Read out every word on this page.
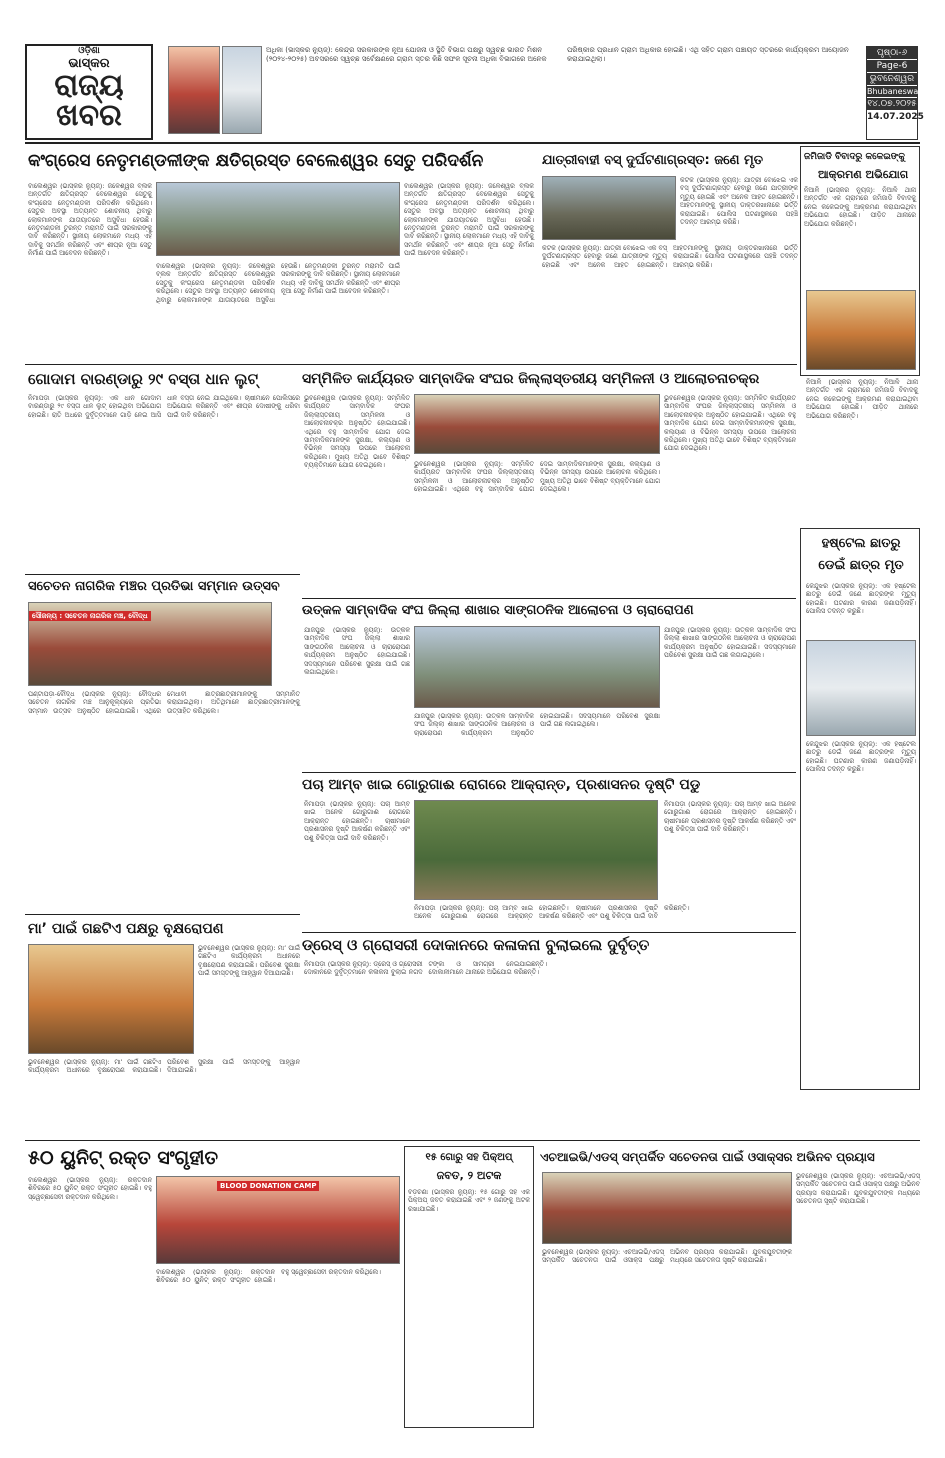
ଓଡ଼ିଶା
ଭାସ୍କର
ରାଜ୍ୟ
ଖବର
ଅଧିକା (ଭାସ୍କର ନ୍ୟୁଜ୍): କେନ୍ଦ୍ର ସରକାରଙ୍କ ନୂଆ ଯୋଜନା ଓ ସ୍ଥିତି ବିଭାଗ ପକ୍ଷରୁ ସ୍ୱଚ୍ଛ ଭାରତ ମିଶନ (୨୦୨୪-୨୦୨୫) ଅବସରରେ ସ୍ୱଚ୍ଛ ସର୍ବେକ୍ଷଣରେ ଗ୍ରାମ ସ୍ତର କିଛି ସଫଳ ସୂଚନା ଅଧିକା ବିଭାଗରେ ଅନେକ ପରିଷ୍କାର ପ୍ରଧାନ ଗ୍ରାମ ଅଧିକାର ହୋଇଛି। ଏଥି ସହିତ ଗ୍ରାମ ପଞ୍ଚାୟତ ସ୍ତରରେ କାର୍ଯ୍ୟକ୍ରମ ଆୟୋଜନ କରାଯାଇଥିଲା।
ପୃଷ୍ଠା-୬
Page-6
ଭୁବନେଶ୍ୱର
Bhubaneswar
୧୪.୦୭.୨୦୨୫
14.07.2025
କଂଗ୍ରେସ ନେତୃମଣ୍ଡଳୀଙ୍କ କ୍ଷତିଗ୍ରସ୍ତ ବେଲେଶ୍ୱର ସେତୁ ପରିଦର୍ଶନ	ଯାତ୍ରୀବାହୀ ବସ୍ ଦୁର୍ଘଟଣାଗ୍ରସ୍ତ: ଜଣେ ମୃତ	ଜମିଜାଡି ବିବାଦରୁ କକେଇଙ୍କୁ
ଆକ୍ରମଣ ଅଭିଯୋଗ
ବାଲେଶ୍ୱର (ଭାସ୍କର ନ୍ୟୁଜ୍): ଜଳେଶ୍ୱର ବ୍ଲକ ଅନ୍ତର୍ଗତ କ୍ଷତିଗ୍ରସ୍ତ ବେଲେଶ୍ୱର ସେତୁକୁ କଂଗ୍ରେସ ନେତୃମଣ୍ଡଳୀ ପରିଦର୍ଶନ କରିଥିଲେ। ସେତୁର ଅବସ୍ଥା ଅତ୍ୟନ୍ତ ଶୋଚନୀୟ ଥିବାରୁ ଲୋକମାନଙ୍କ ଯାତାୟାତରେ ଅସୁବିଧା ହେଉଛି। ନେତୃମଣ୍ଡଳୀ ତୁରନ୍ତ ମରାମତି ପାଇଁ ସରକାରଙ୍କୁ ଦାବି କରିଛନ୍ତି। ସ୍ଥାନୀୟ ଲୋକମାନେ ମଧ୍ୟ ଏହି ଦାବିକୁ ସମର୍ଥନ କରିଛନ୍ତି ଏବଂ ଶୀଘ୍ର ନୂଆ ସେତୁ ନିର୍ମାଣ ପାଇଁ ଆବେଦନ କରିଛନ୍ତି।
ବାଲେଶ୍ୱର (ଭାସ୍କର ନ୍ୟୁଜ୍): ଜଳେଶ୍ୱର ବ୍ଲକ ଅନ୍ତର୍ଗତ କ୍ଷତିଗ୍ରସ୍ତ ବେଲେଶ୍ୱର ସେତୁକୁ କଂଗ୍ରେସ ନେତୃମଣ୍ଡଳୀ ପରିଦର୍ଶନ କରିଥିଲେ। ସେତୁର ଅବସ୍ଥା ଅତ୍ୟନ୍ତ ଶୋଚନୀୟ ଥିବାରୁ ଲୋକମାନଙ୍କ ଯାତାୟାତରେ ଅସୁବିଧା ହେଉଛି। ନେତୃମଣ୍ଡଳୀ ତୁରନ୍ତ ମରାମତି ପାଇଁ ସରକାରଙ୍କୁ ଦାବି କରିଛନ୍ତି। ସ୍ଥାନୀୟ ଲୋକମାନେ ମଧ୍ୟ ଏହି ଦାବିକୁ ସମର୍ଥନ କରିଛନ୍ତି ଏବଂ ଶୀଘ୍ର ନୂଆ ସେତୁ ନିର୍ମାଣ ପାଇଁ ଆବେଦନ କରିଛନ୍ତି।
ବାଲେଶ୍ୱର (ଭାସ୍କର ନ୍ୟୁଜ୍): ଜଳେଶ୍ୱର ବ୍ଲକ ଅନ୍ତର୍ଗତ କ୍ଷତିଗ୍ରସ୍ତ ବେଲେଶ୍ୱର ସେତୁକୁ କଂଗ୍ରେସ ନେତୃମଣ୍ଡଳୀ ପରିଦର୍ଶନ କରିଥିଲେ। ସେତୁର ଅବସ୍ଥା ଅତ୍ୟନ୍ତ ଶୋଚନୀୟ ଥିବାରୁ ଲୋକମାନଙ୍କ ଯାତାୟାତରେ ଅସୁବିଧା ହେଉଛି। ନେତୃମଣ୍ଡଳୀ ତୁରନ୍ତ ମରାମତି ପାଇଁ ସରକାରଙ୍କୁ ଦାବି କରିଛନ୍ତି। ସ୍ଥାନୀୟ ଲୋକମାନେ ମଧ୍ୟ ଏହି ଦାବିକୁ ସମର୍ଥନ କରିଛନ୍ତି ଏବଂ ଶୀଘ୍ର ନୂଆ ସେତୁ ନିର୍ମାଣ ପାଇଁ ଆବେଦନ କରିଛନ୍ତି।
କଟକ (ଭାସ୍କର ନ୍ୟୁଜ୍): ଯାତ୍ରୀ ବୋଝେଇ ଏକ ବସ୍ ଦୁର୍ଘଟଣାଗ୍ରସ୍ତ ହେବାରୁ ଜଣେ ଯାତ୍ରୀଙ୍କ ମୃତ୍ୟୁ ହୋଇଛି ଏବଂ ଅନେକ ଆହତ ହୋଇଛନ୍ତି। ଆହତମାନଙ୍କୁ ସ୍ଥାନୀୟ ଡାକ୍ତରଖାନାରେ ଭର୍ତ୍ତି କରାଯାଇଛି। ପୋଲିସ ଘଟଣାସ୍ଥଳରେ ପହଞ୍ଚି ତଦନ୍ତ ଆରମ୍ଭ କରିଛି।
କଟକ (ଭାସ୍କର ନ୍ୟୁଜ୍): ଯାତ୍ରୀ ବୋଝେଇ ଏକ ବସ୍ ଦୁର୍ଘଟଣାଗ୍ରସ୍ତ ହେବାରୁ ଜଣେ ଯାତ୍ରୀଙ୍କ ମୃତ୍ୟୁ ହୋଇଛି ଏବଂ ଅନେକ ଆହତ ହୋଇଛନ୍ତି। ଆହତମାନଙ୍କୁ ସ୍ଥାନୀୟ ଡାକ୍ତରଖାନାରେ ଭର୍ତ୍ତି କରାଯାଇଛି। ପୋଲିସ ଘଟଣାସ୍ଥଳରେ ପହଞ୍ଚି ତଦନ୍ତ ଆରମ୍ଭ କରିଛି।
ନିଆଳି (ଭାସ୍କର ନ୍ୟୁଜ୍): ନିଆଳି ଥାନା ଅନ୍ତର୍ଗତ ଏକ ଗ୍ରାମରେ ଜମିଜାଡି ବିବାଦକୁ ନେଇ କକେଇଙ୍କୁ ଆକ୍ରମଣ କରାଯାଇଥିବା ଅଭିଯୋଗ ହୋଇଛି। ପୀଡ଼ିତ ଥାନାରେ ଅଭିଯୋଗ କରିଛନ୍ତି।
ଗୋଦାମ ବାରଣ୍ଡାରୁ ୨୯ ବସ୍ତା ଧାନ ଲୁଟ୍	ସମ୍ମିଳିତ କାର୍ଯ୍ୟରତ ସାମ୍ବାଦିକ ସଂଘର ଜିଲ୍ଲାସ୍ତରୀୟ ସମ୍ମିଳନୀ ଓ ଆଲୋଚନାଚକ୍ର
ନିମାପଡ଼ା (ଭାସ୍କର ନ୍ୟୁଜ୍): ଏକ ଧାନ ଗୋଦାମ ବାରଣ୍ଡାରୁ ୨୯ ବସ୍ତା ଧାନ ଲୁଟ୍ ହୋଇଥିବା ଅଭିଯୋଗ ହୋଇଛି। ରାତି ଅଧରେ ଦୁର୍ବୃତ୍ତମାନେ ଗାଡ଼ି ନେଇ ଆସି ଧାନ ବସ୍ତା ନେଇ ଯାଇଥିଲେ। ଚାଷୀମାନେ ପୋଲିସରେ ଅଭିଯୋଗ କରିଛନ୍ତି ଏବଂ ଶୀଘ୍ର ଦୋଷୀଙ୍କୁ ଧରିବା ପାଇଁ ଦାବି କରିଛନ୍ତି।
ଭୁବନେଶ୍ୱର (ଭାସ୍କର ନ୍ୟୁଜ୍): ସମ୍ମିଳିତ କାର୍ଯ୍ୟରତ ସାମ୍ବାଦିକ ସଂଘର ଜିଲ୍ଲାସ୍ତରୀୟ ସମ୍ମିଳନୀ ଓ ଆଲୋଚନାଚକ୍ର ଅନୁଷ୍ଠିତ ହୋଇଯାଇଛି। ଏଥିରେ ବହୁ ସାମ୍ବାଦିକ ଯୋଗ ଦେଇ ସାମ୍ବାଦିକମାନଙ୍କ ସୁରକ୍ଷା, କଲ୍ୟାଣ ଓ ବିଭିନ୍ନ ସମସ୍ୟା ଉପରେ ଆଲୋଚନା କରିଥିଲେ। ମୁଖ୍ୟ ଅତିଥି ଭାବେ ବିଶିଷ୍ଟ ବ୍ୟକ୍ତିମାନେ ଯୋଗ ଦେଇଥିଲେ।	ଭୁବନେଶ୍ୱର (ଭାସ୍କର ନ୍ୟୁଜ୍): ସମ୍ମିଳିତ କାର୍ଯ୍ୟରତ ସାମ୍ବାଦିକ ସଂଘର ଜିଲ୍ଲାସ୍ତରୀୟ ସମ୍ମିଳନୀ ଓ ଆଲୋଚନାଚକ୍ର ଅନୁଷ୍ଠିତ ହୋଇଯାଇଛି। ଏଥିରେ ବହୁ ସାମ୍ବାଦିକ ଯୋଗ ଦେଇ ସାମ୍ବାଦିକମାନଙ୍କ ସୁରକ୍ଷା, କଲ୍ୟାଣ ଓ ବିଭିନ୍ନ ସମସ୍ୟା ଉପରେ ଆଲୋଚନା କରିଥିଲେ। ମୁଖ୍ୟ ଅତିଥି ଭାବେ ବିଶିଷ୍ଟ ବ୍ୟକ୍ତିମାନେ ଯୋଗ ଦେଇଥିଲେ।
ଭୁବନେଶ୍ୱର (ଭାସ୍କର ନ୍ୟୁଜ୍): ସମ୍ମିଳିତ କାର୍ଯ୍ୟରତ ସାମ୍ବାଦିକ ସଂଘର ଜିଲ୍ଲାସ୍ତରୀୟ ସମ୍ମିଳନୀ ଓ ଆଲୋଚନାଚକ୍ର ଅନୁଷ୍ଠିତ ହୋଇଯାଇଛି। ଏଥିରେ ବହୁ ସାମ୍ବାଦିକ ଯୋଗ ଦେଇ ସାମ୍ବାଦିକମାନଙ୍କ ସୁରକ୍ଷା, କଲ୍ୟାଣ ଓ ବିଭିନ୍ନ ସମସ୍ୟା ଉପରେ ଆଲୋଚନା କରିଥିଲେ। ମୁଖ୍ୟ ଅତିଥି ଭାବେ ବିଶିଷ୍ଟ ବ୍ୟକ୍ତିମାନେ ଯୋଗ ଦେଇଥିଲେ।
ନିଆଳି (ଭାସ୍କର ନ୍ୟୁଜ୍): ନିଆଳି ଥାନା ଅନ୍ତର୍ଗତ ଏକ ଗ୍ରାମରେ ଜମିଜାଡି ବିବାଦକୁ ନେଇ କକେଇଙ୍କୁ ଆକ୍ରମଣ କରାଯାଇଥିବା ଅଭିଯୋଗ ହୋଇଛି। ପୀଡ଼ିତ ଥାନାରେ ଅଭିଯୋଗ କରିଛନ୍ତି।
ସଚେତନ ନାଗରିକ ମଞ୍ଚର ପ୍ରତିଭା ସମ୍ମାନ ଉତ୍ସବ
ସୌଜନ୍ୟ : ସଚେତନ ନାଗରିକ ମଞ୍ଚ, ବୌଦ୍ଧ
ଘଣ୍ଟାପଡ଼ା-ବୌଦ୍ଧ (ଭାସ୍କର ନ୍ୟୁଜ୍): ବୌଦ୍ଧର ସଚେତନ ନାଗରିକ ମଞ୍ଚ ଆନୁକୂଲ୍ୟରେ ପ୍ରତିଭା ସମ୍ମାନ ଉତ୍ସବ ଅନୁଷ୍ଠିତ ହୋଇଯାଇଛି। ଏଥିରେ ମେଧାବୀ ଛାତ୍ରଛାତ୍ରୀମାନଙ୍କୁ ସମ୍ମାନିତ କରାଯାଇଥିଲା। ଅତିଥିମାନେ ଛାତ୍ରଛାତ୍ରୀମାନଙ୍କୁ ଉତ୍ସାହିତ କରିଥିଲେ।
ଉତ୍କଳ ସାମ୍ବାଦିକ ସଂଘ ଜିଲ୍ଲା ଶାଖାର ସାଙ୍ଗଠନିକ ଆଲୋଚନା ଓ ଚାରାରୋପଣ
ଯାଜପୁର (ଭାସ୍କର ନ୍ୟୁଜ୍): ଉତ୍କଳ ସାମ୍ବାଦିକ ସଂଘ ଜିଲ୍ଲା ଶାଖାର ସାଙ୍ଗଠନିକ ଆଲୋଚନା ଓ ଚାରାରୋପଣ କାର୍ଯ୍ୟକ୍ରମ ଅନୁଷ୍ଠିତ ହୋଇଯାଇଛି। ସଦସ୍ୟମାନେ ପରିବେଶ ସୁରକ୍ଷା ପାଇଁ ଗଛ ଲଗାଇଥିଲେ।
ଯାଜପୁର (ଭାସ୍କର ନ୍ୟୁଜ୍): ଉତ୍କଳ ସାମ୍ବାଦିକ ସଂଘ ଜିଲ୍ଲା ଶାଖାର ସାଙ୍ଗଠନିକ ଆଲୋଚନା ଓ ଚାରାରୋପଣ କାର୍ଯ୍ୟକ୍ରମ ଅନୁଷ୍ଠିତ ହୋଇଯାଇଛି। ସଦସ୍ୟମାନେ ପରିବେଶ ସୁରକ୍ଷା ପାଇଁ ଗଛ ଲଗାଇଥିଲେ।
ଯାଜପୁର (ଭାସ୍କର ନ୍ୟୁଜ୍): ଉତ୍କଳ ସାମ୍ବାଦିକ ସଂଘ ଜିଲ୍ଲା ଶାଖାର ସାଙ୍ଗଠନିକ ଆଲୋଚନା ଓ ଚାରାରୋପଣ କାର୍ଯ୍ୟକ୍ରମ ଅନୁଷ୍ଠିତ ହୋଇଯାଇଛି। ସଦସ୍ୟମାନେ ପରିବେଶ ସୁରକ୍ଷା ପାଇଁ ଗଛ ଲଗାଇଥିଲେ।
ହଷ୍ଟେଲ ଛାତରୁ
ଡେଇଁ ଛାତ୍ର ମୃତ
କେନ୍ଦୁଝର (ଭାସ୍କର ନ୍ୟୁଜ୍): ଏକ ହଷ୍ଟେଲ ଛାତରୁ ଡେଇଁ ଜଣେ ଛାତ୍ରଙ୍କ ମୃତ୍ୟୁ ହୋଇଛି। ଘଟଣାର କାରଣ ଜଣାପଡ଼ିନାହିଁ। ପୋଲିସ ତଦନ୍ତ କରୁଛି।
କେନ୍ଦୁଝର (ଭାସ୍କର ନ୍ୟୁଜ୍): ଏକ ହଷ୍ଟେଲ ଛାତରୁ ଡେଇଁ ଜଣେ ଛାତ୍ରଙ୍କ ମୃତ୍ୟୁ ହୋଇଛି। ଘଟଣାର କାରଣ ଜଣାପଡ଼ିନାହିଁ। ପୋଲିସ ତଦନ୍ତ କରୁଛି।
ପଚା ଆମ୍ବ ଖାଇ ଗୋରୁଗାଈ ରୋଗରେ ଆକ୍ରାନ୍ତ, ପ୍ରଶାସନର ଦୃଷ୍ଟି ପଡୁ
ନିମାପଡ଼ା (ଭାସ୍କର ନ୍ୟୁଜ୍): ପଚା ଆମ୍ବ ଖାଇ ଅନେକ ଗୋରୁଗାଈ ରୋଗରେ ଆକ୍ରାନ୍ତ ହୋଇଛନ୍ତି। ଚାଷୀମାନେ ପ୍ରଶାସନର ଦୃଷ୍ଟି ଆକର୍ଷଣ କରିଛନ୍ତି ଏବଂ ପଶୁ ଚିକିତ୍ସା ପାଇଁ ଦାବି କରିଛନ୍ତି।
ନିମାପଡ଼ା (ଭାସ୍କର ନ୍ୟୁଜ୍): ପଚା ଆମ୍ବ ଖାଇ ଅନେକ ଗୋରୁଗାଈ ରୋଗରେ ଆକ୍ରାନ୍ତ ହୋଇଛନ୍ତି। ଚାଷୀମାନେ ପ୍ରଶାସନର ଦୃଷ୍ଟି ଆକର୍ଷଣ କରିଛନ୍ତି ଏବଂ ପଶୁ ଚିକିତ୍ସା ପାଇଁ ଦାବି କରିଛନ୍ତି।
ନିମାପଡ଼ା (ଭାସ୍କର ନ୍ୟୁଜ୍): ପଚା ଆମ୍ବ ଖାଇ ଅନେକ ଗୋରୁଗାଈ ରୋଗରେ ଆକ୍ରାନ୍ତ ହୋଇଛନ୍ତି। ଚାଷୀମାନେ ପ୍ରଶାସନର ଦୃଷ୍ଟି ଆକର୍ଷଣ କରିଛନ୍ତି ଏବଂ ପଶୁ ଚିକିତ୍ସା ପାଇଁ ଦାବି କରିଛନ୍ତି।
ମା’ ପାଇଁ ଗଛଟିଏ ପକ୍ଷରୁ ବୃକ୍ଷରୋପଣ
ଭୁବନେଶ୍ୱର (ଭାସ୍କର ନ୍ୟୁଜ୍): ମା’ ପାଇଁ ଗଛଟିଏ କାର୍ଯ୍ୟକ୍ରମ ଅଧୀନରେ ବୃକ୍ଷରୋପଣ କରାଯାଇଛି। ପରିବେଶ ସୁରକ୍ଷା ପାଇଁ ସମସ୍ତଙ୍କୁ ଆହ୍ୱାନ ଦିଆଯାଇଛି।
ଭୁବନେଶ୍ୱର (ଭାସ୍କର ନ୍ୟୁଜ୍): ମା’ ପାଇଁ ଗଛଟିଏ କାର୍ଯ୍ୟକ୍ରମ ଅଧୀନରେ ବୃକ୍ଷରୋପଣ କରାଯାଇଛି। ପରିବେଶ ସୁରକ୍ଷା ପାଇଁ ସମସ୍ତଙ୍କୁ ଆହ୍ୱାନ ଦିଆଯାଇଛି।
ଡ୍ରେସ୍ ଓ ଗ୍ରୋସରୀ ଦୋକାନରେ କଳାକନା ବୁଲାଇଲେ ଦୁର୍ବୃତ୍ତ
ନିମାପଡ଼ା (ଭାସ୍କର ନ୍ୟୁଜ୍): ଡ୍ରେସ୍ ଓ ଗ୍ରୋସରୀ ଦୋକାନରେ ଦୁର୍ବୃତ୍ତମାନେ କଳାକନା ବୁଲାଇ ନଗଦ ଟଙ୍କା ଓ ସାମଗ୍ରୀ ନେଇଯାଇଛନ୍ତି। ଦୋକାନୀମାନେ ଥାନାରେ ଅଭିଯୋଗ କରିଛନ୍ତି।
୫୦ ୟୁନିଟ୍ ରକ୍ତ ସଂଗୃହୀତ
ବାଲେଶ୍ୱର (ଭାସ୍କର ନ୍ୟୁଜ୍): ରକ୍ତଦାନ ଶିବିରରେ ୫୦ ୟୁନିଟ୍ ରକ୍ତ ସଂଗୃହୀତ ହୋଇଛି। ବହୁ ସ୍ୱେଚ୍ଛାସେବୀ ରକ୍ତଦାନ କରିଥିଲେ।
BLOOD DONATION CAMP
ବାଲେଶ୍ୱର (ଭାସ୍କର ନ୍ୟୁଜ୍): ରକ୍ତଦାନ ଶିବିରରେ ୫୦ ୟୁନିଟ୍ ରକ୍ତ ସଂଗୃହୀତ ହୋଇଛି। ବହୁ ସ୍ୱେଚ୍ଛାସେବୀ ରକ୍ତଦାନ କରିଥିଲେ।
୧୫ ଗୋରୁ ସହ ପିକ୍‌ଅପ୍
ଜବତ, ୨ ଅଟକ
ବଡ଼ଚଣା (ଭାସ୍କର ନ୍ୟୁଜ୍): ୧୫ ଗୋରୁ ସହ ଏକ ପିକ୍‌ଅପ୍ ଜବତ କରାଯାଇଛି ଏବଂ ୨ ଜଣଙ୍କୁ ଅଟକ ରଖାଯାଇଛି।
ଏଚଆଇଭି/ଏଡସ୍ ସମ୍ପର୍କିତ ସଚେତନତା ପାଇଁ ଓସାକ୍‌ସର ଅଭିନବ ପ୍ରୟାସ
ଭୁବନେଶ୍ୱର (ଭାସ୍କର ନ୍ୟୁଜ୍): ଏଚଆଇଭି/ଏଡସ୍ ସମ୍ପର୍କିତ ସଚେତନତା ପାଇଁ ଓସାକ୍‌ସ ପକ୍ଷରୁ ଅଭିନବ ପ୍ରୟାସ କରାଯାଇଛି। ଯୁବକଯୁବତୀଙ୍କ ମଧ୍ୟରେ ସଚେତନତା ସୃଷ୍ଟି କରାଯାଇଛି।
ଭୁବନେଶ୍ୱର (ଭାସ୍କର ନ୍ୟୁଜ୍): ଏଚଆଇଭି/ଏଡସ୍ ସମ୍ପର୍କିତ ସଚେତନତା ପାଇଁ ଓସାକ୍‌ସ ପକ୍ଷରୁ ଅଭିନବ ପ୍ରୟାସ କରାଯାଇଛି। ଯୁବକଯୁବତୀଙ୍କ ମଧ୍ୟରେ ସଚେତନତା ସୃଷ୍ଟି କରାଯାଇଛି।
